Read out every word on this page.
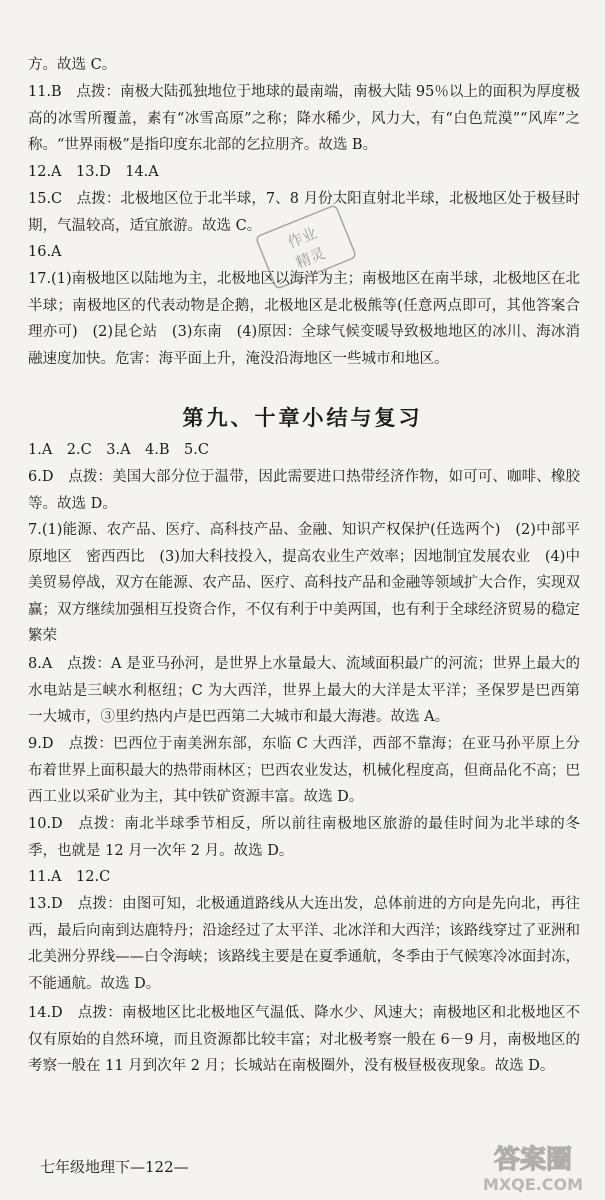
方。故选 C。

11.B　点拨：南极大陆孤独地位于地球的最南端，南极大陆 95％以上的面积为厚度极高的冰雪所覆盖，素有“冰雪高原”之称；降水稀少，风力大，有“白色荒漠”“风库”之称。“世界雨极”是指印度东北部的乞拉朋齐。故选 B。

12.A　13.D　14.A

15.C　点拨：北极地区位于北半球，7、8 月份太阳直射北半球，北极地区处于极昼时期，气温较高，适宜旅游。故选 C。

16.A

17.(1)南极地区以陆地为主，北极地区以海洋为主；南极地区在南半球，北极地区在北半球；南极地区的代表动物是企鹅，北极地区是北极熊等(任意两点即可，其他答案合理亦可)　(2)昆仑站　(3)东南　(4)原因：全球气候变暖导致极地地区的冰川、海冰消融速度加快。危害：海平面上升，淹没沿海地区一些城市和地区。

第九、十章小结与复习

1.A　2.C　3.A　4.B　5.C

6.D　点拨：美国大部分位于温带，因此需要进口热带经济作物，如可可、咖啡、橡胶等。故选 D。

7.(1)能源、农产品、医疗、高科技产品、金融、知识产权保护(任选两个)　(2)中部平原地区　密西西比　(3)加大科技投入，提高农业生产效率；因地制宜发展农业　(4)中美贸易停战，双方在能源、农产品、医疗、高科技产品和金融等领域扩大合作，实现双赢；双方继续加强相互投资合作，不仅有利于中美两国，也有利于全球经济贸易的稳定繁荣

8.A　点拨：A 是亚马孙河，是世界上水量最大、流域面积最广的河流；世界上最大的水电站是三峡水利枢纽；C 为大西洋，世界上最大的大洋是太平洋；圣保罗是巴西第一大城市，③里约热内卢是巴西第二大城市和最大海港。故选 A。

9.D　点拨：巴西位于南美洲东部，东临 C 大西洋，西部不靠海；在亚马孙平原上分布着世界上面积最大的热带雨林区；巴西农业发达，机械化程度高，但商品化不高；巴西工业以采矿业为主，其中铁矿资源丰富。故选 D。

10.D　点拨：南北半球季节相反，所以前往南极地区旅游的最佳时间为北半球的冬季，也就是 12 月一次年 2 月。故选 D。

11.A　12.C

13.D　点拨：由图可知，北极通道路线从大连出发，总体前进的方向是先向北，再往西，最后向南到达鹿特丹；沿途经过了太平洋、北冰洋和大西洋；该路线穿过了亚洲和北美洲分界线——白令海峡；该路线主要是在夏季通航，冬季由于气候寒冷冰面封冻，不能通航。故选 D。

14.D　点拨：南极地区比北极地区气温低、降水少、风速大；南极地区和北极地区不仅有原始的自然环境，而且资源都比较丰富；对北极考察一般在 6－9 月，南极地区的考察一般在 11 月到次年 2 月；长城站在南极圈外，没有极昼极夜现象。故选 D。

七年级地理下—122—
作业
精灵
答案圈
MXQE.COM
